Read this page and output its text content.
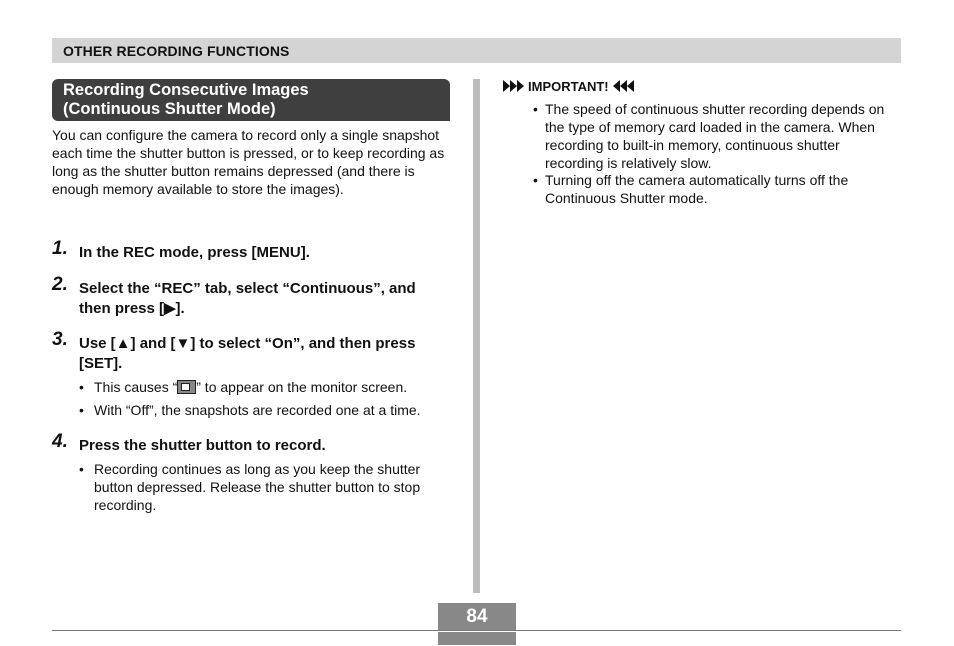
OTHER RECORDING FUNCTIONS
Recording Consecutive Images
(Continuous Shutter Mode)
You can configure the camera to record only a single snapshot each time the shutter button is pressed, or to keep recording as long as the shutter button remains depressed (and there is enough memory available to store the images).
1. In the REC mode, press [MENU].
2. Select the “REC” tab, select “Continuous”, and then press [▶].
3. Use [▲] and [▼] to select “On”, and then press [SET].
• This causes “ ” to appear on the monitor screen.
• With “Off”, the snapshots are recorded one at a time.
4. Press the shutter button to record.
• Recording continues as long as you keep the shutter button depressed. Release the shutter button to stop recording.
IMPORTANT!
• The speed of continuous shutter recording depends on the type of memory card loaded in the camera. When recording to built-in memory, continuous shutter recording is relatively slow.
• Turning off the camera automatically turns off the Continuous Shutter mode.
84
